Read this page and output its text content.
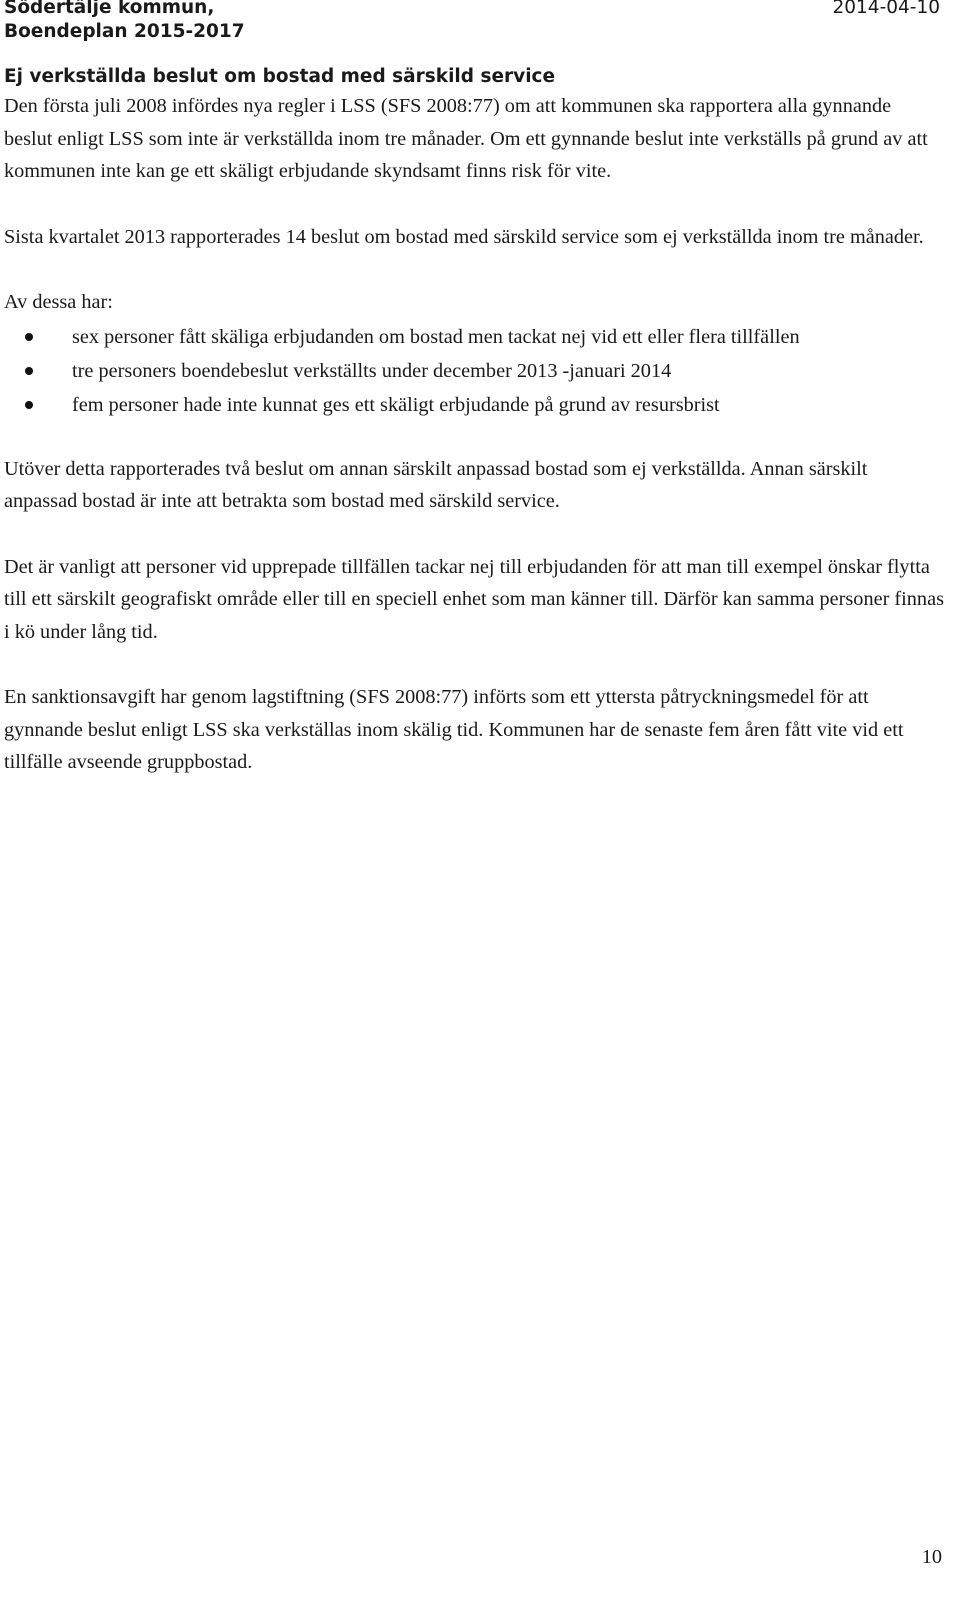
Södertälje kommun,
Boendeplan 2015-2017
2014-04-10
Ej verkställda beslut om bostad med särskild service

Den första juli 2008 infördes nya regler i LSS (SFS 2008:77) om att kommunen ska rapportera alla gynnande beslut enligt LSS som inte är verkställda inom tre månader. Om ett gynnande beslut inte verkställs på grund av att kommunen inte kan ge ett skäligt erbjudande skyndsamt finns risk för vite.

Sista kvartalet 2013 rapporterades 14 beslut om bostad med särskild service som ej verkställda inom tre månader.

Av dessa har:

sex personer fått skäliga erbjudanden om bostad men tackat nej vid ett eller flera tillfällen
tre personers boendebeslut verkställts under december 2013 -januari 2014
fem personer hade inte kunnat ges ett skäligt erbjudande på grund av resursbrist

Utöver detta rapporterades två beslut om annan särskilt anpassad bostad som ej verkställda. Annan särskilt anpassad bostad är inte att betrakta som bostad med särskild service.

Det är vanligt att personer vid upprepade tillfällen tackar nej till erbjudanden för att man till exempel önskar flytta till ett särskilt geografiskt område eller till en speciell enhet som man känner till. Därför kan samma personer finnas i kö under lång tid.

En sanktionsavgift har genom lagstiftning (SFS 2008:77) införts som ett yttersta påtryckningsmedel för att gynnande beslut enligt LSS ska verkställas inom skälig tid. Kommunen har de senaste fem åren fått vite vid ett tillfälle avseende gruppbostad.

10
